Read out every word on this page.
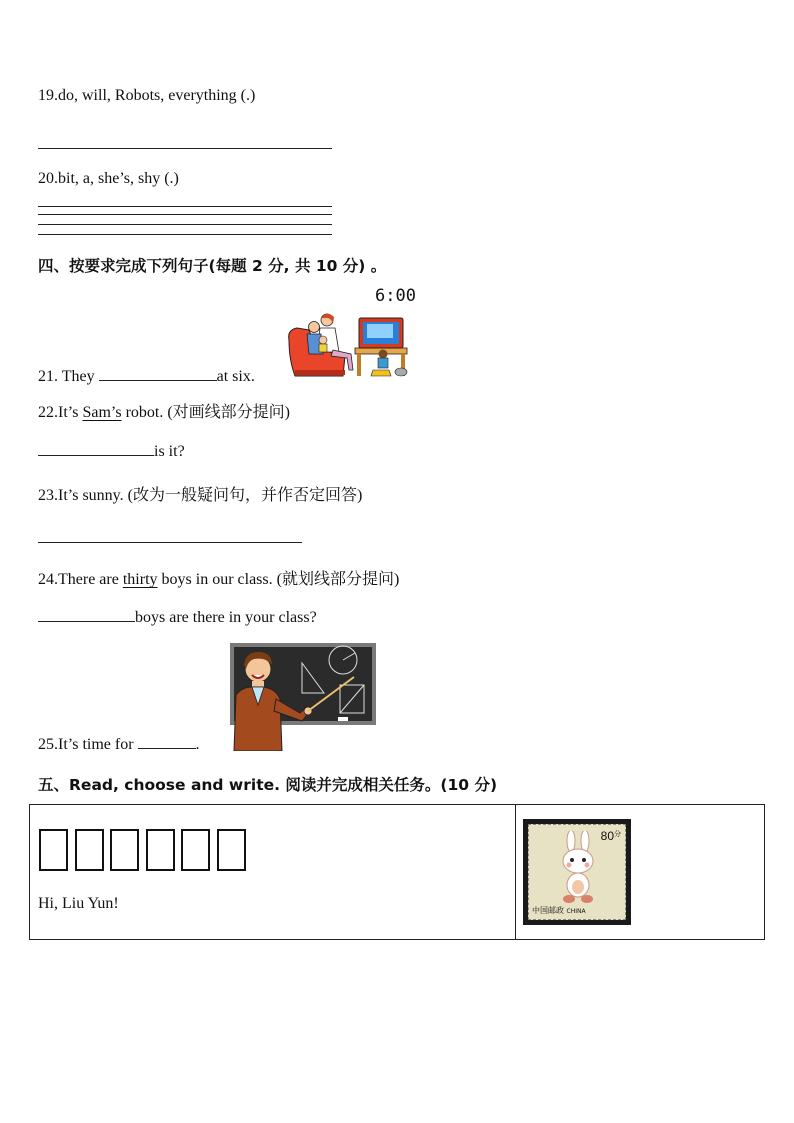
19.do, will, Robots, everything (.)
20.bit, a, she’s, shy (.)
四、按要求完成下列句子(每题 2 分, 共 10 分) 。
6:00
21. They	at six.
22.It’s Sam’s robot. (对画线部分提问)
is it?
23.It’s sunny. (改为一般疑问句，并作否定回答)
24.There are thirty boys in our class. (就划线部分提问)
boys are there in your class?
25.It’s time for	.
五、Read, choose and write. 阅读并完成相关任务。(10 分)
Hi, Liu Yun!

$80^分$
中国邮政 CHINA
